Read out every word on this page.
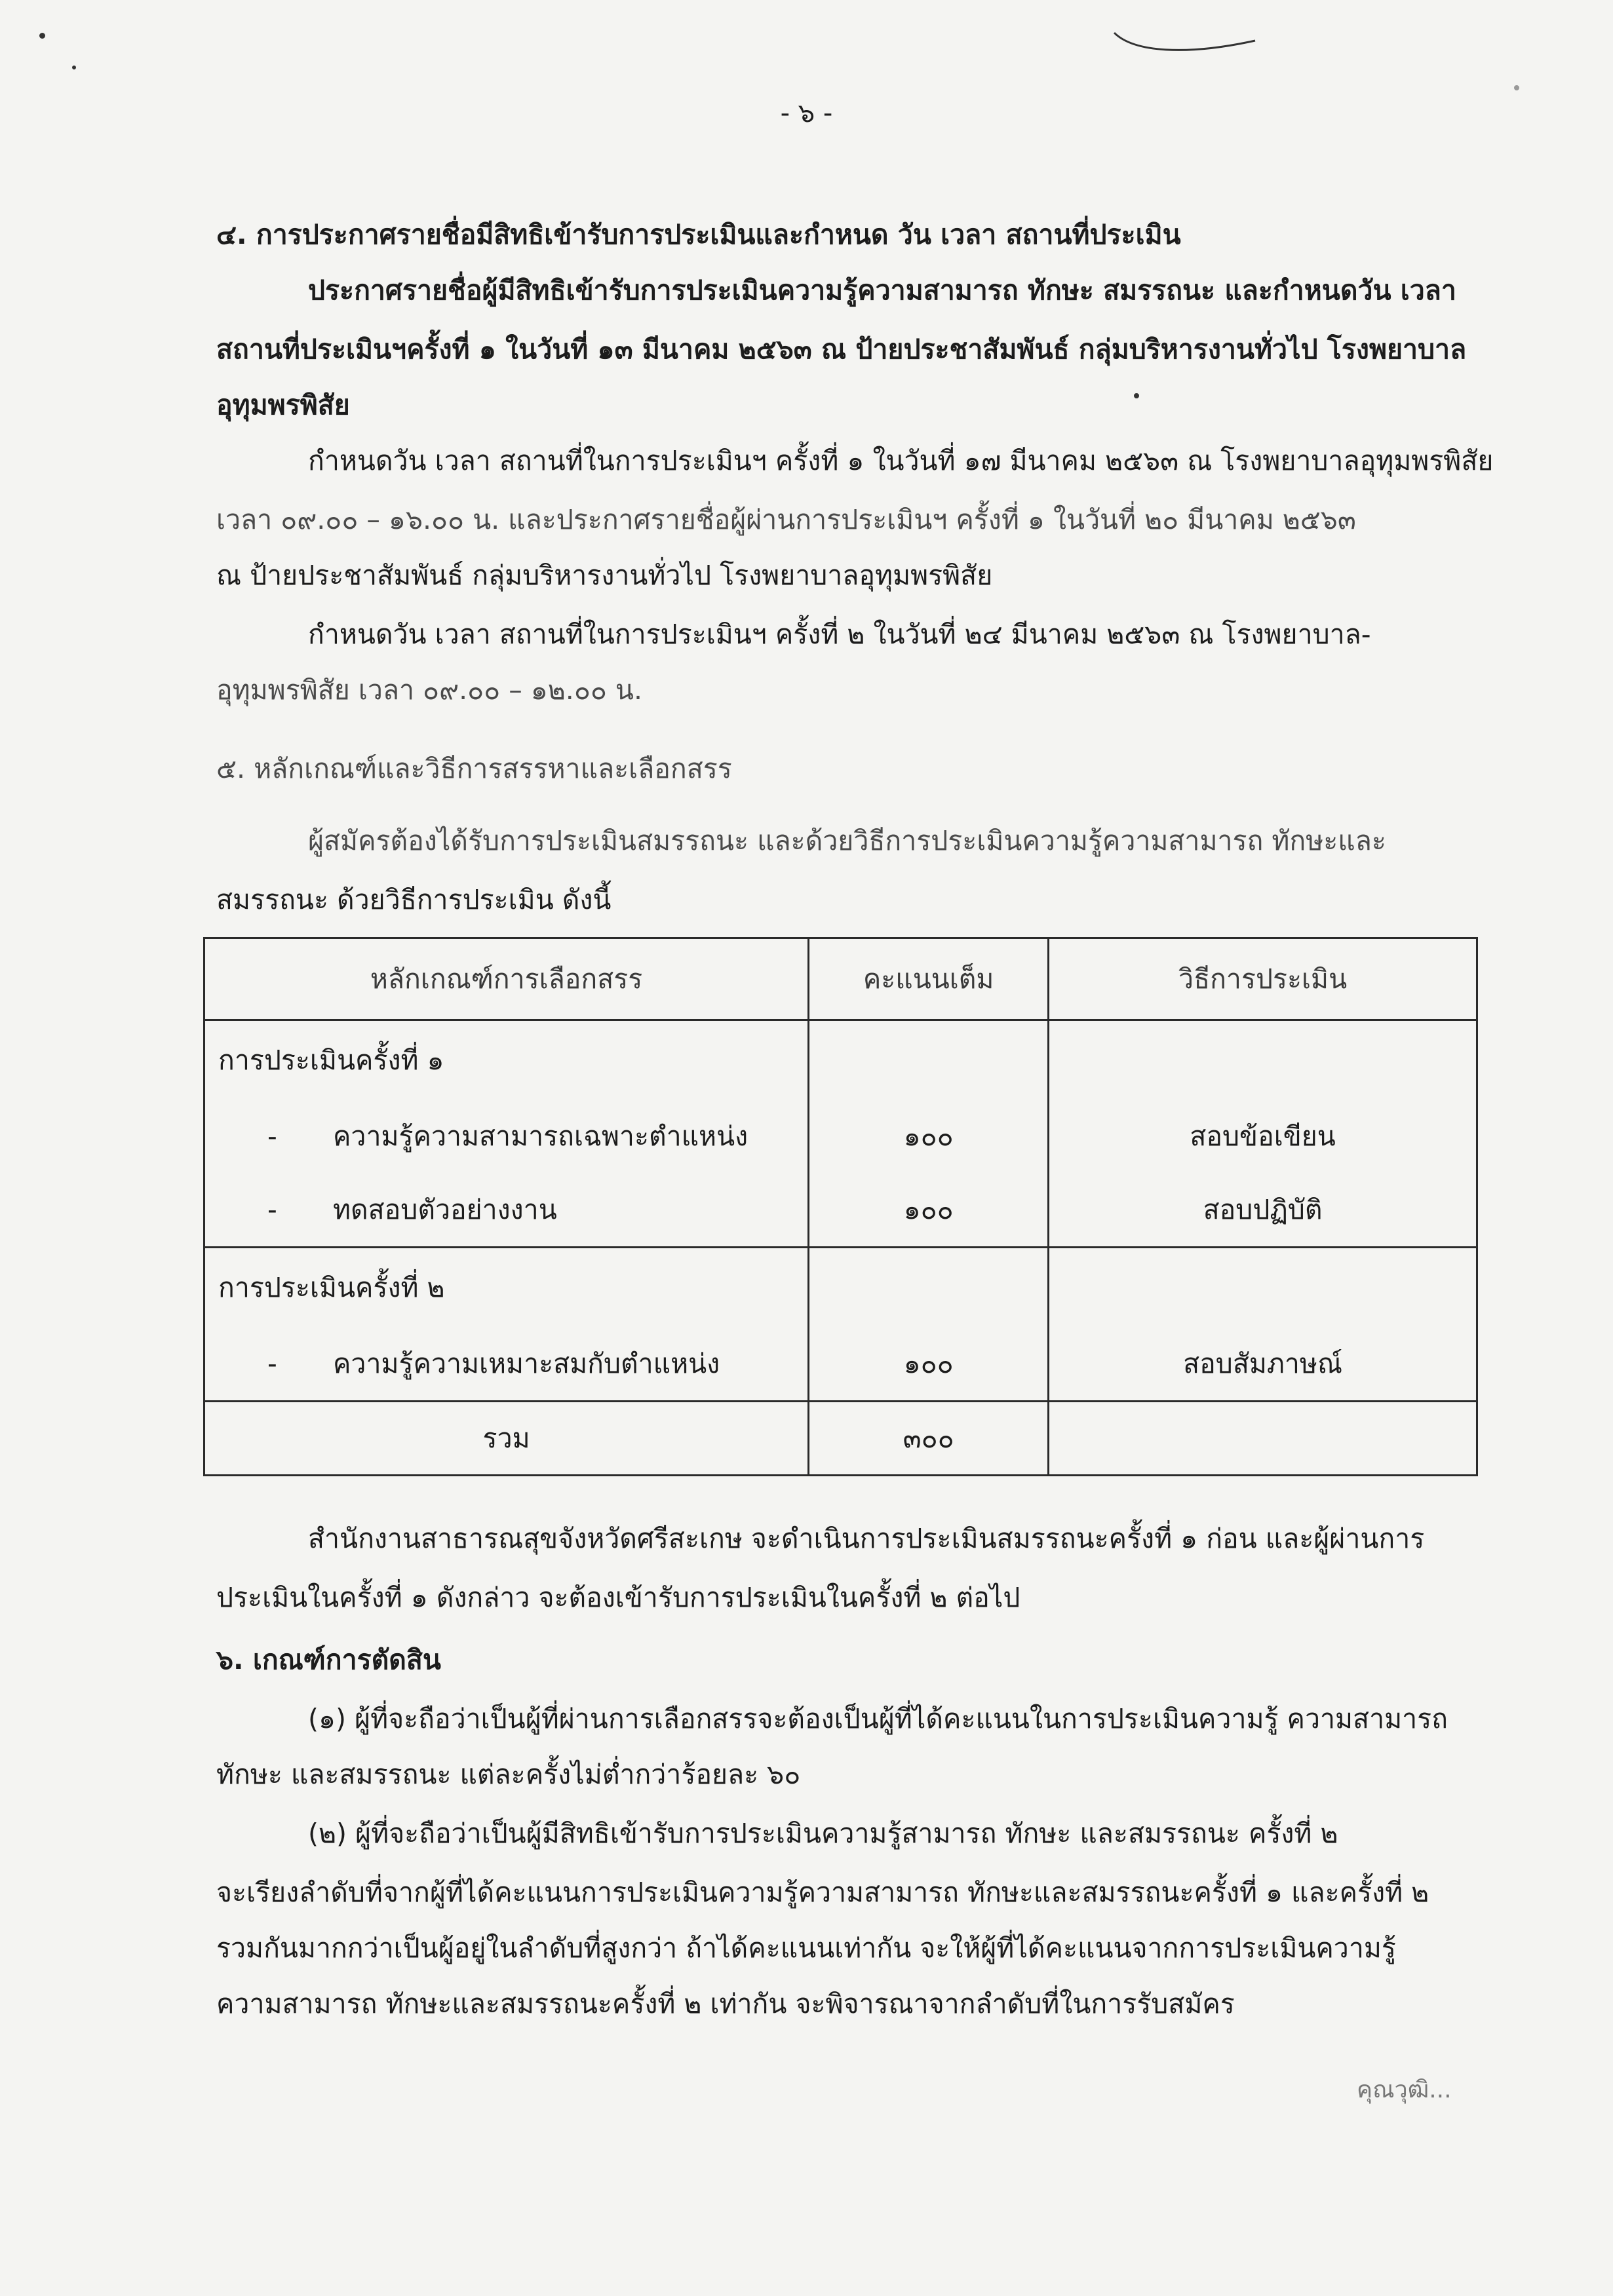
- ๖ -
๔. การประกาศรายชื่อมีสิทธิเข้ารับการประเมินและกำหนด วัน เวลา สถานที่ประเมิน
ประกาศรายชื่อผู้มีสิทธิเข้ารับการประเมินความรู้ความสามารถ ทักษะ สมรรถนะ และกำหนดวัน เวลา
สถานที่ประเมินฯครั้งที่ ๑ ในวันที่ ๑๓ มีนาคม ๒๕๖๓ ณ ป้ายประชาสัมพันธ์ กลุ่มบริหารงานทั่วไป โรงพยาบาล
อุทุมพรพิสัย
กำหนดวัน เวลา สถานที่ในการประเมินฯ ครั้งที่ ๑ ในวันที่ ๑๗ มีนาคม ๒๕๖๓ ณ โรงพยาบาลอุทุมพรพิสัย
เวลา ๐๙.๐๐ – ๑๖.๐๐ น. และประกาศรายชื่อผู้ผ่านการประเมินฯ ครั้งที่ ๑ ในวันที่ ๒๐ มีนาคม ๒๕๖๓
ณ ป้ายประชาสัมพันธ์ กลุ่มบริหารงานทั่วไป โรงพยาบาลอุทุมพรพิสัย
กำหนดวัน เวลา สถานที่ในการประเมินฯ ครั้งที่ ๒ ในวันที่ ๒๔ มีนาคม ๒๕๖๓ ณ โรงพยาบาล-
อุทุมพรพิสัย เวลา ๐๙.๐๐ – ๑๒.๐๐ น.
๕. หลักเกณฑ์และวิธีการสรรหาและเลือกสรร
ผู้สมัครต้องได้รับการประเมินสมรรถนะ และด้วยวิธีการประเมินความรู้ความสามารถ ทักษะและ
สมรรถนะ ด้วยวิธีการประเมิน ดังนี้
หลักเกณฑ์การเลือกสรร	คะแนนเต็ม	วิธีการประเมิน
การประเมินครั้งที่ ๑		
- ความรู้ความสามารถเฉพาะตำแหน่ง	๑๐๐	สอบข้อเขียน
- ทดสอบตัวอย่างงาน	๑๐๐	สอบปฏิบัติ
การประเมินครั้งที่ ๒		
- ความรู้ความเหมาะสมกับตำแหน่ง	๑๐๐	สอบสัมภาษณ์
รวม	๓๐๐	
สำนักงานสาธารณสุขจังหวัดศรีสะเกษ จะดำเนินการประเมินสมรรถนะครั้งที่ ๑ ก่อน และผู้ผ่านการ
ประเมินในครั้งที่ ๑ ดังกล่าว จะต้องเข้ารับการประเมินในครั้งที่ ๒ ต่อไป
๖. เกณฑ์การตัดสิน
(๑) ผู้ที่จะถือว่าเป็นผู้ที่ผ่านการเลือกสรรจะต้องเป็นผู้ที่ได้คะแนนในการประเมินความรู้ ความสามารถ
ทักษะ และสมรรถนะ แต่ละครั้งไม่ต่ำกว่าร้อยละ ๖๐
(๒) ผู้ที่จะถือว่าเป็นผู้มีสิทธิเข้ารับการประเมินความรู้สามารถ ทักษะ และสมรรถนะ ครั้งที่ ๒
จะเรียงลำดับที่จากผู้ที่ได้คะแนนการประเมินความรู้ความสามารถ ทักษะและสมรรถนะครั้งที่ ๑ และครั้งที่ ๒
รวมกันมากกว่าเป็นผู้อยู่ในลำดับที่สูงกว่า ถ้าได้คะแนนเท่ากัน จะให้ผู้ที่ได้คะแนนจากการประเมินความรู้
ความสามารถ ทักษะและสมรรถนะครั้งที่ ๒ เท่ากัน จะพิจารณาจากลำดับที่ในการรับสมัคร
คุณวุฒิ...
